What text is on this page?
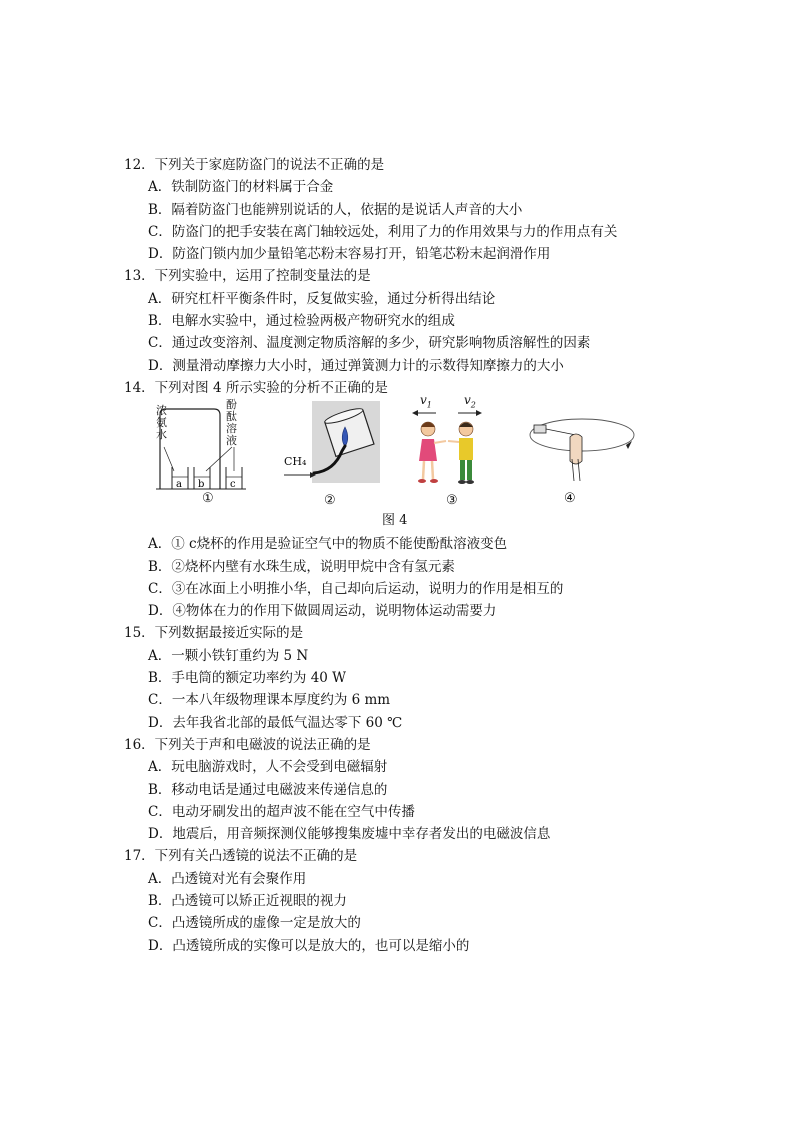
12．下列关于家庭防盗门的说法不正确的是
A．铁制防盗门的材料属于合金
B．隔着防盗门也能辨别说话的人，依据的是说话人声音的大小
C．防盗门的把手安装在离门轴较远处，利用了力的作用效果与力的作用点有关
D．防盗门锁内加少量铅笔芯粉末容易打开，铅笔芯粉末起润滑作用
13．下列实验中，运用了控制变量法的是
A．研究杠杆平衡条件时，反复做实验，通过分析得出结论
B．电解水实验中，通过检验两极产物研究水的组成
C．通过改变溶剂、温度测定物质溶解的多少，研究影响物质溶解性的因素
D．测量滑动摩擦力大小时，通过弹簧测力计的示数得知摩擦力的大小
14．下列对图 4 所示实验的分析不正确的是
a b	c
浓氨水
酚酞溶液
①
CH₄
②
$v_1$	$v_2$
③	④
图 4
A．① c烧杯的作用是验证空气中的物质不能使酚酞溶液变色
B．②烧杯内壁有水珠生成，说明甲烷中含有氢元素
C．③在冰面上小明推小华，自己却向后运动，说明力的作用是相互的
D．④物体在力的作用下做圆周运动，说明物体运动需要力
15．下列数据最接近实际的是
A．一颗小铁钉重约为 5 N
B．手电筒的额定功率约为 40 W
C．一本八年级物理课本厚度约为 6 mm
D．去年我省北部的最低气温达零下 60 ℃
16．下列关于声和电磁波的说法正确的是
A．玩电脑游戏时，人不会受到电磁辐射
B．移动电话是通过电磁波来传递信息的
C．电动牙刷发出的超声波不能在空气中传播
D．地震后，用音频探测仪能够搜集废墟中幸存者发出的电磁波信息
17．下列有关凸透镜的说法不正确的是
A．凸透镜对光有会聚作用
B．凸透镜可以矫正近视眼的视力
C．凸透镜所成的虚像一定是放大的
D．凸透镜所成的实像可以是放大的，也可以是缩小的
